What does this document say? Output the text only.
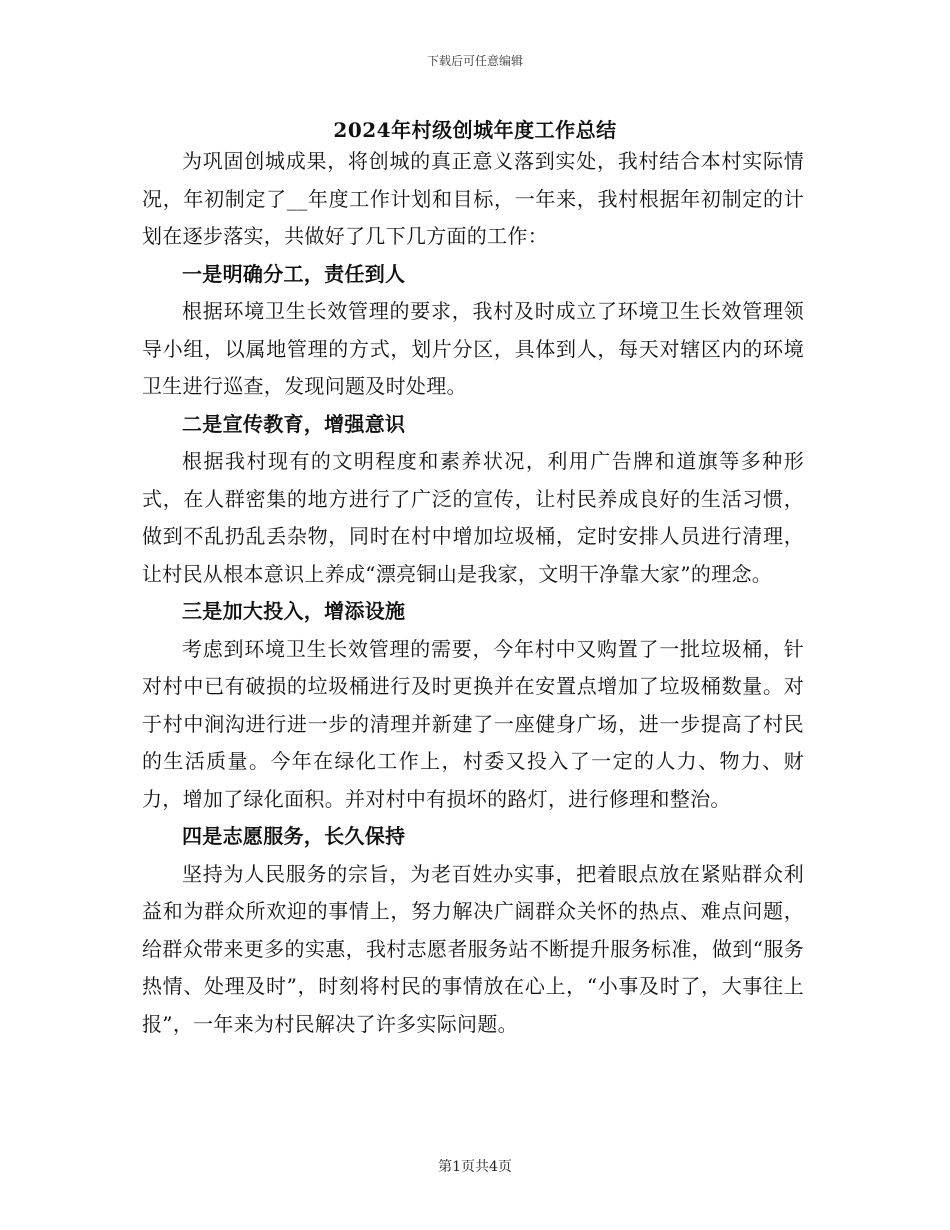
下载后可任意编辑
2024年村级创城年度工作总结

为巩固创城成果，将创城的真正意义落到实处，我村结合本村实际情况，年初制定了__年度工作计划和目标，一年来，我村根据年初制定的计划在逐步落实，共做好了几下几方面的工作：

一是明确分工，责任到人

根据环境卫生长效管理的要求，我村及时成立了环境卫生长效管理领导小组，以属地管理的方式，划片分区，具体到人，每天对辖区内的环境卫生进行巡查，发现问题及时处理。

二是宣传教育，增强意识

根据我村现有的文明程度和素养状况，利用广告牌和道旗等多种形式，在人群密集的地方进行了广泛的宣传，让村民养成良好的生活习惯，做到不乱扔乱丢杂物，同时在村中增加垃圾桶，定时安排人员进行清理，让村民从根本意识上养成“漂亮铜山是我家，文明干净靠大家”的理念。

三是加大投入，增添设施

考虑到环境卫生长效管理的需要，今年村中又购置了一批垃圾桶，针对村中已有破损的垃圾桶进行及时更换并在安置点增加了垃圾桶数量。对于村中涧沟进行进一步的清理并新建了一座健身广场，进一步提高了村民的生活质量。今年在绿化工作上，村委又投入了一定的人力、物力、财力，增加了绿化面积。并对村中有损坏的路灯，进行修理和整治。

四是志愿服务，长久保持

坚持为人民服务的宗旨，为老百姓办实事，把着眼点放在紧贴群众利益和为群众所欢迎的事情上，努力解决广阔群众关怀的热点、难点问题，给群众带来更多的实惠，我村志愿者服务站不断提升服务标准，做到“服务热情、处理及时”，时刻将村民的事情放在心上，“小事及时了，大事往上报”，一年来为村民解决了许多实际问题。

第1页共4页
